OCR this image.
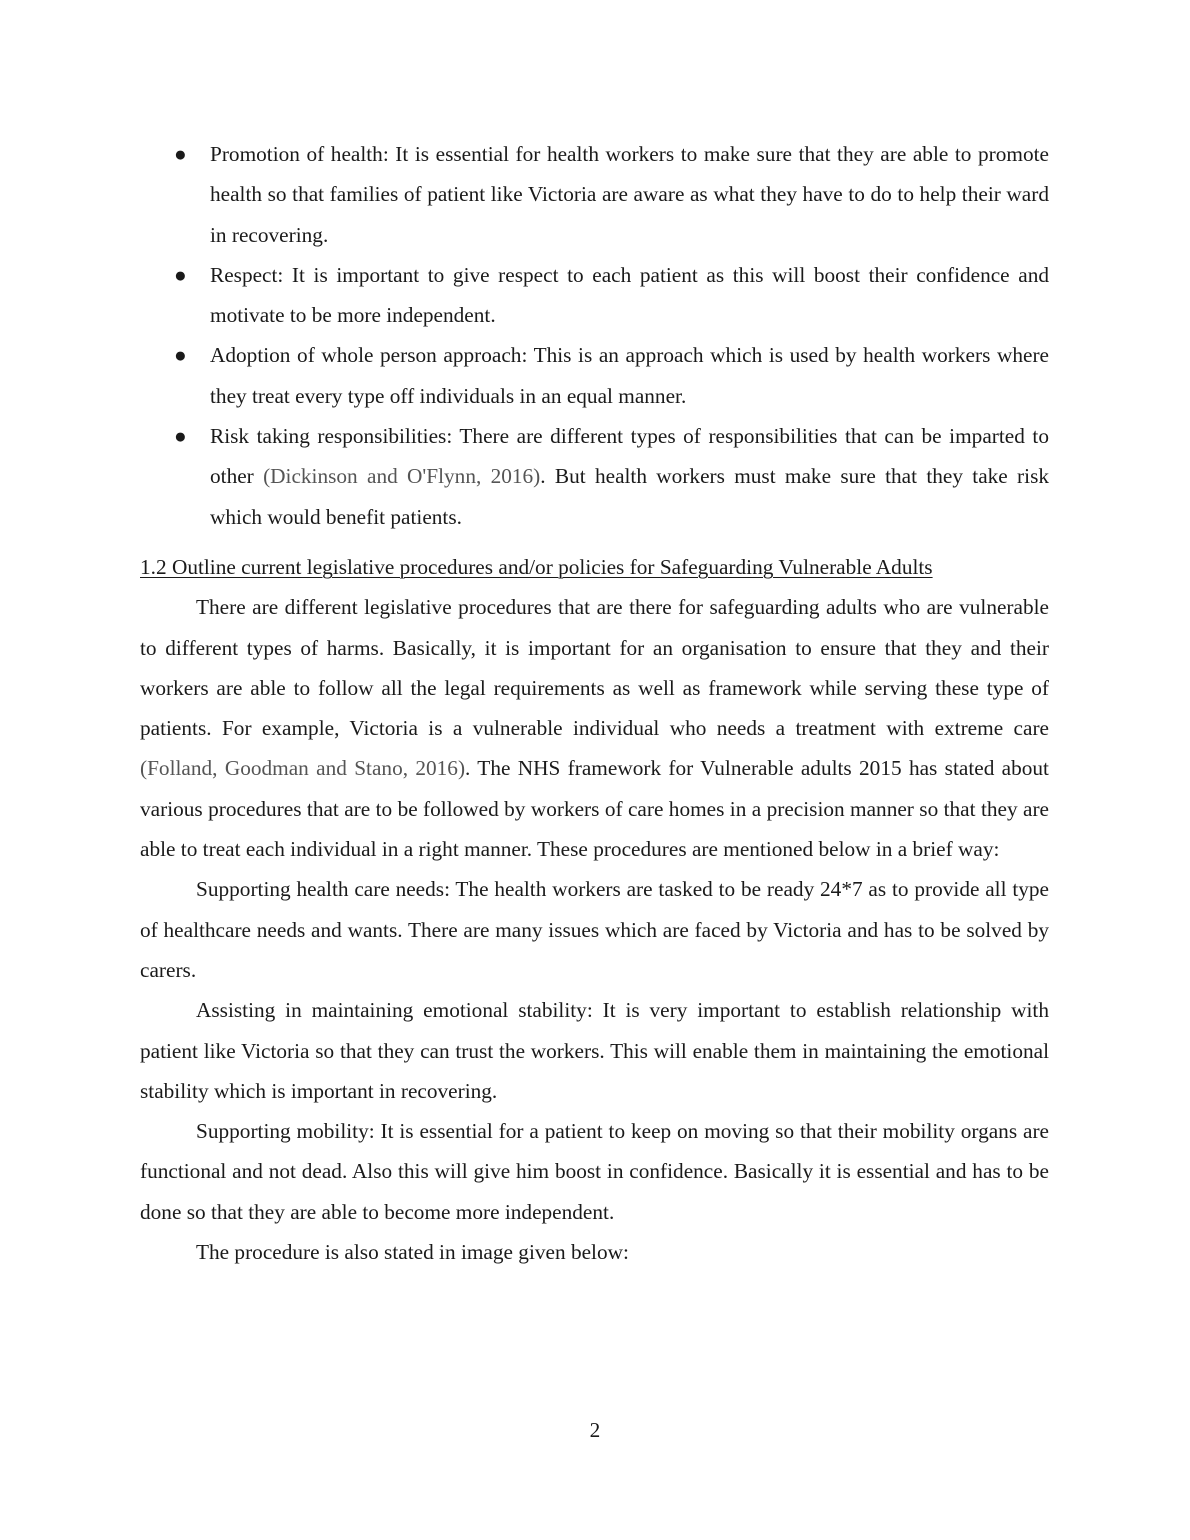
●	Promotion of health: It is essential for health workers to make sure that they are able to promote health so that families of patient like Victoria are aware as what they have to do to help their ward in recovering.
●	Respect: It is important to give respect to each patient as this will boost their confidence and motivate to be more independent.
●	Adoption of whole person approach: This is an approach which is used by health workers where they treat every type off individuals in an equal manner.
●	Risk taking responsibilities: There are different types of responsibilities that can be imparted to other (Dickinson and O'Flynn, 2016). But health workers must make sure that they take risk which would benefit patients.
1.2 Outline current legislative procedures and/or policies for Safeguarding Vulnerable Adults

There are different legislative procedures that are there for safeguarding adults who are vulnerable to different types of harms. Basically, it is important for an organisation to ensure that they and their workers are able to follow all the legal requirements as well as framework while serving these type of patients. For example, Victoria is a vulnerable individual who needs a treatment with extreme care (Folland, Goodman and Stano, 2016). The NHS framework for Vulnerable adults 2015 has stated about various procedures that are to be followed by workers of care homes in a precision manner so that they are able to treat each individual in a right manner. These procedures are mentioned below in a brief way:

Supporting health care needs: The health workers are tasked to be ready 24*7 as to provide all type of healthcare needs and wants. There are many issues which are faced by Victoria and has to be solved by carers.

Assisting in maintaining emotional stability: It is very important to establish relationship with patient like Victoria so that they can trust the workers. This will enable them in maintaining the emotional stability which is important in recovering.

Supporting mobility: It is essential for a patient to keep on moving so that their mobility organs are functional and not dead. Also this will give him boost in confidence. Basically it is essential and has to be done so that they are able to become more independent.

The procedure is also stated in image given below:

2
